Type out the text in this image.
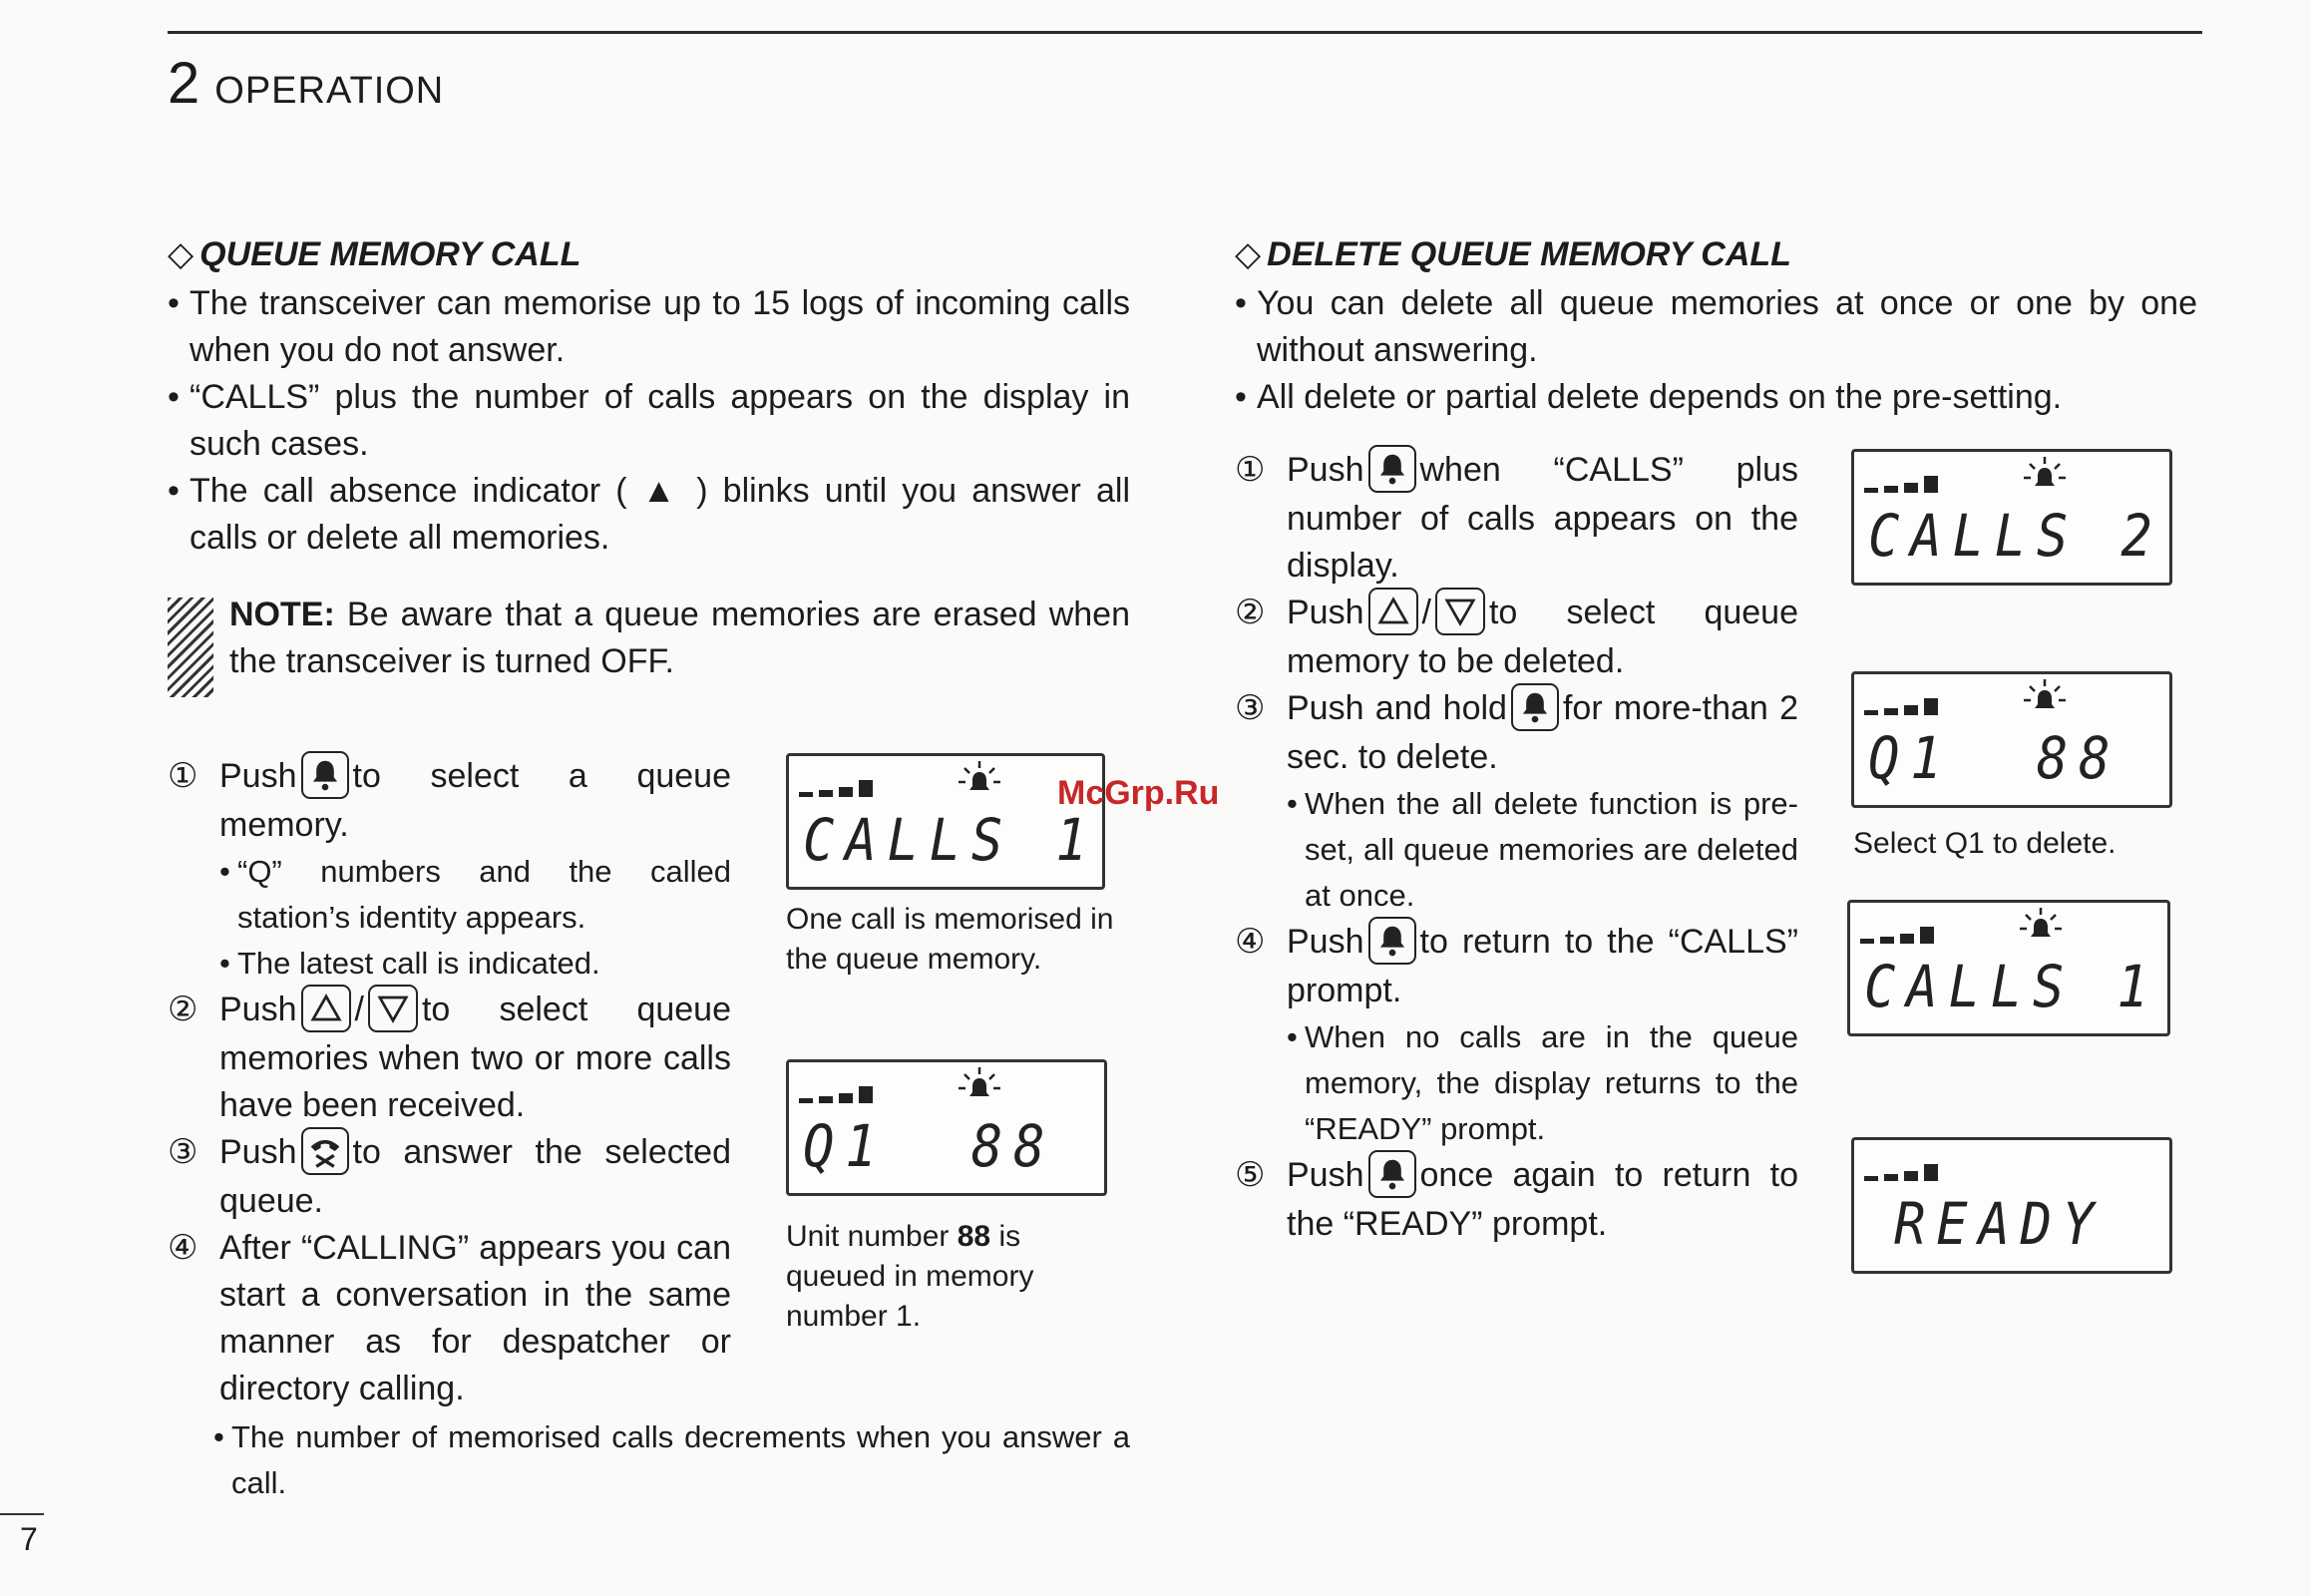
2 OPERATION
◇ QUEUE MEMORY CALL
• The transceiver can memorise up to 15 logs of incoming calls when you do not answer.
• “CALLS” plus the number of calls appears on the display in such cases.
• The call absence indicator ( ▲ ) blinks until you answer all calls or delete all memories.
NOTE: Be aware that a queue memories are erased when the transceiver is turned OFF.
① Push to select a queue memory.
• “Q” numbers and the called station’s identity appears.
• The latest call is indicated.
② Push / to select queue memories when two or more calls have been received.
③ Push to answer the selected queue.
④ After “CALLING” appears you can start a conversation in the same manner as for despatcher or directory calling.
• The number of memorised calls decrements when you answer a call.
CALLS 1
One call is memorised in the queue memory.
Q1  88
Unit number 88 is queued in memory number 1.
McGrp.Ru
◇ DELETE QUEUE MEMORY CALL
• You can delete all queue memories at once or one by one without answering.
• All delete or partial delete depends on the pre-setting.
① Push when “CALLS” plus number of calls appears on the display.
② Push / to select queue memory to be deleted.
③ Push and hold for more-than 2 sec. to delete.
• When the all delete function is pre-set, all queue memories are deleted at once.
④ Push to return to the “CALLS” prompt.
• When no calls are in the queue memory, the display returns to the “READY” prompt.
⑤ Push once again to return to the “READY” prompt.
CALLS 2
Q1  88
Select Q1 to delete.
CALLS 1
READY
7
